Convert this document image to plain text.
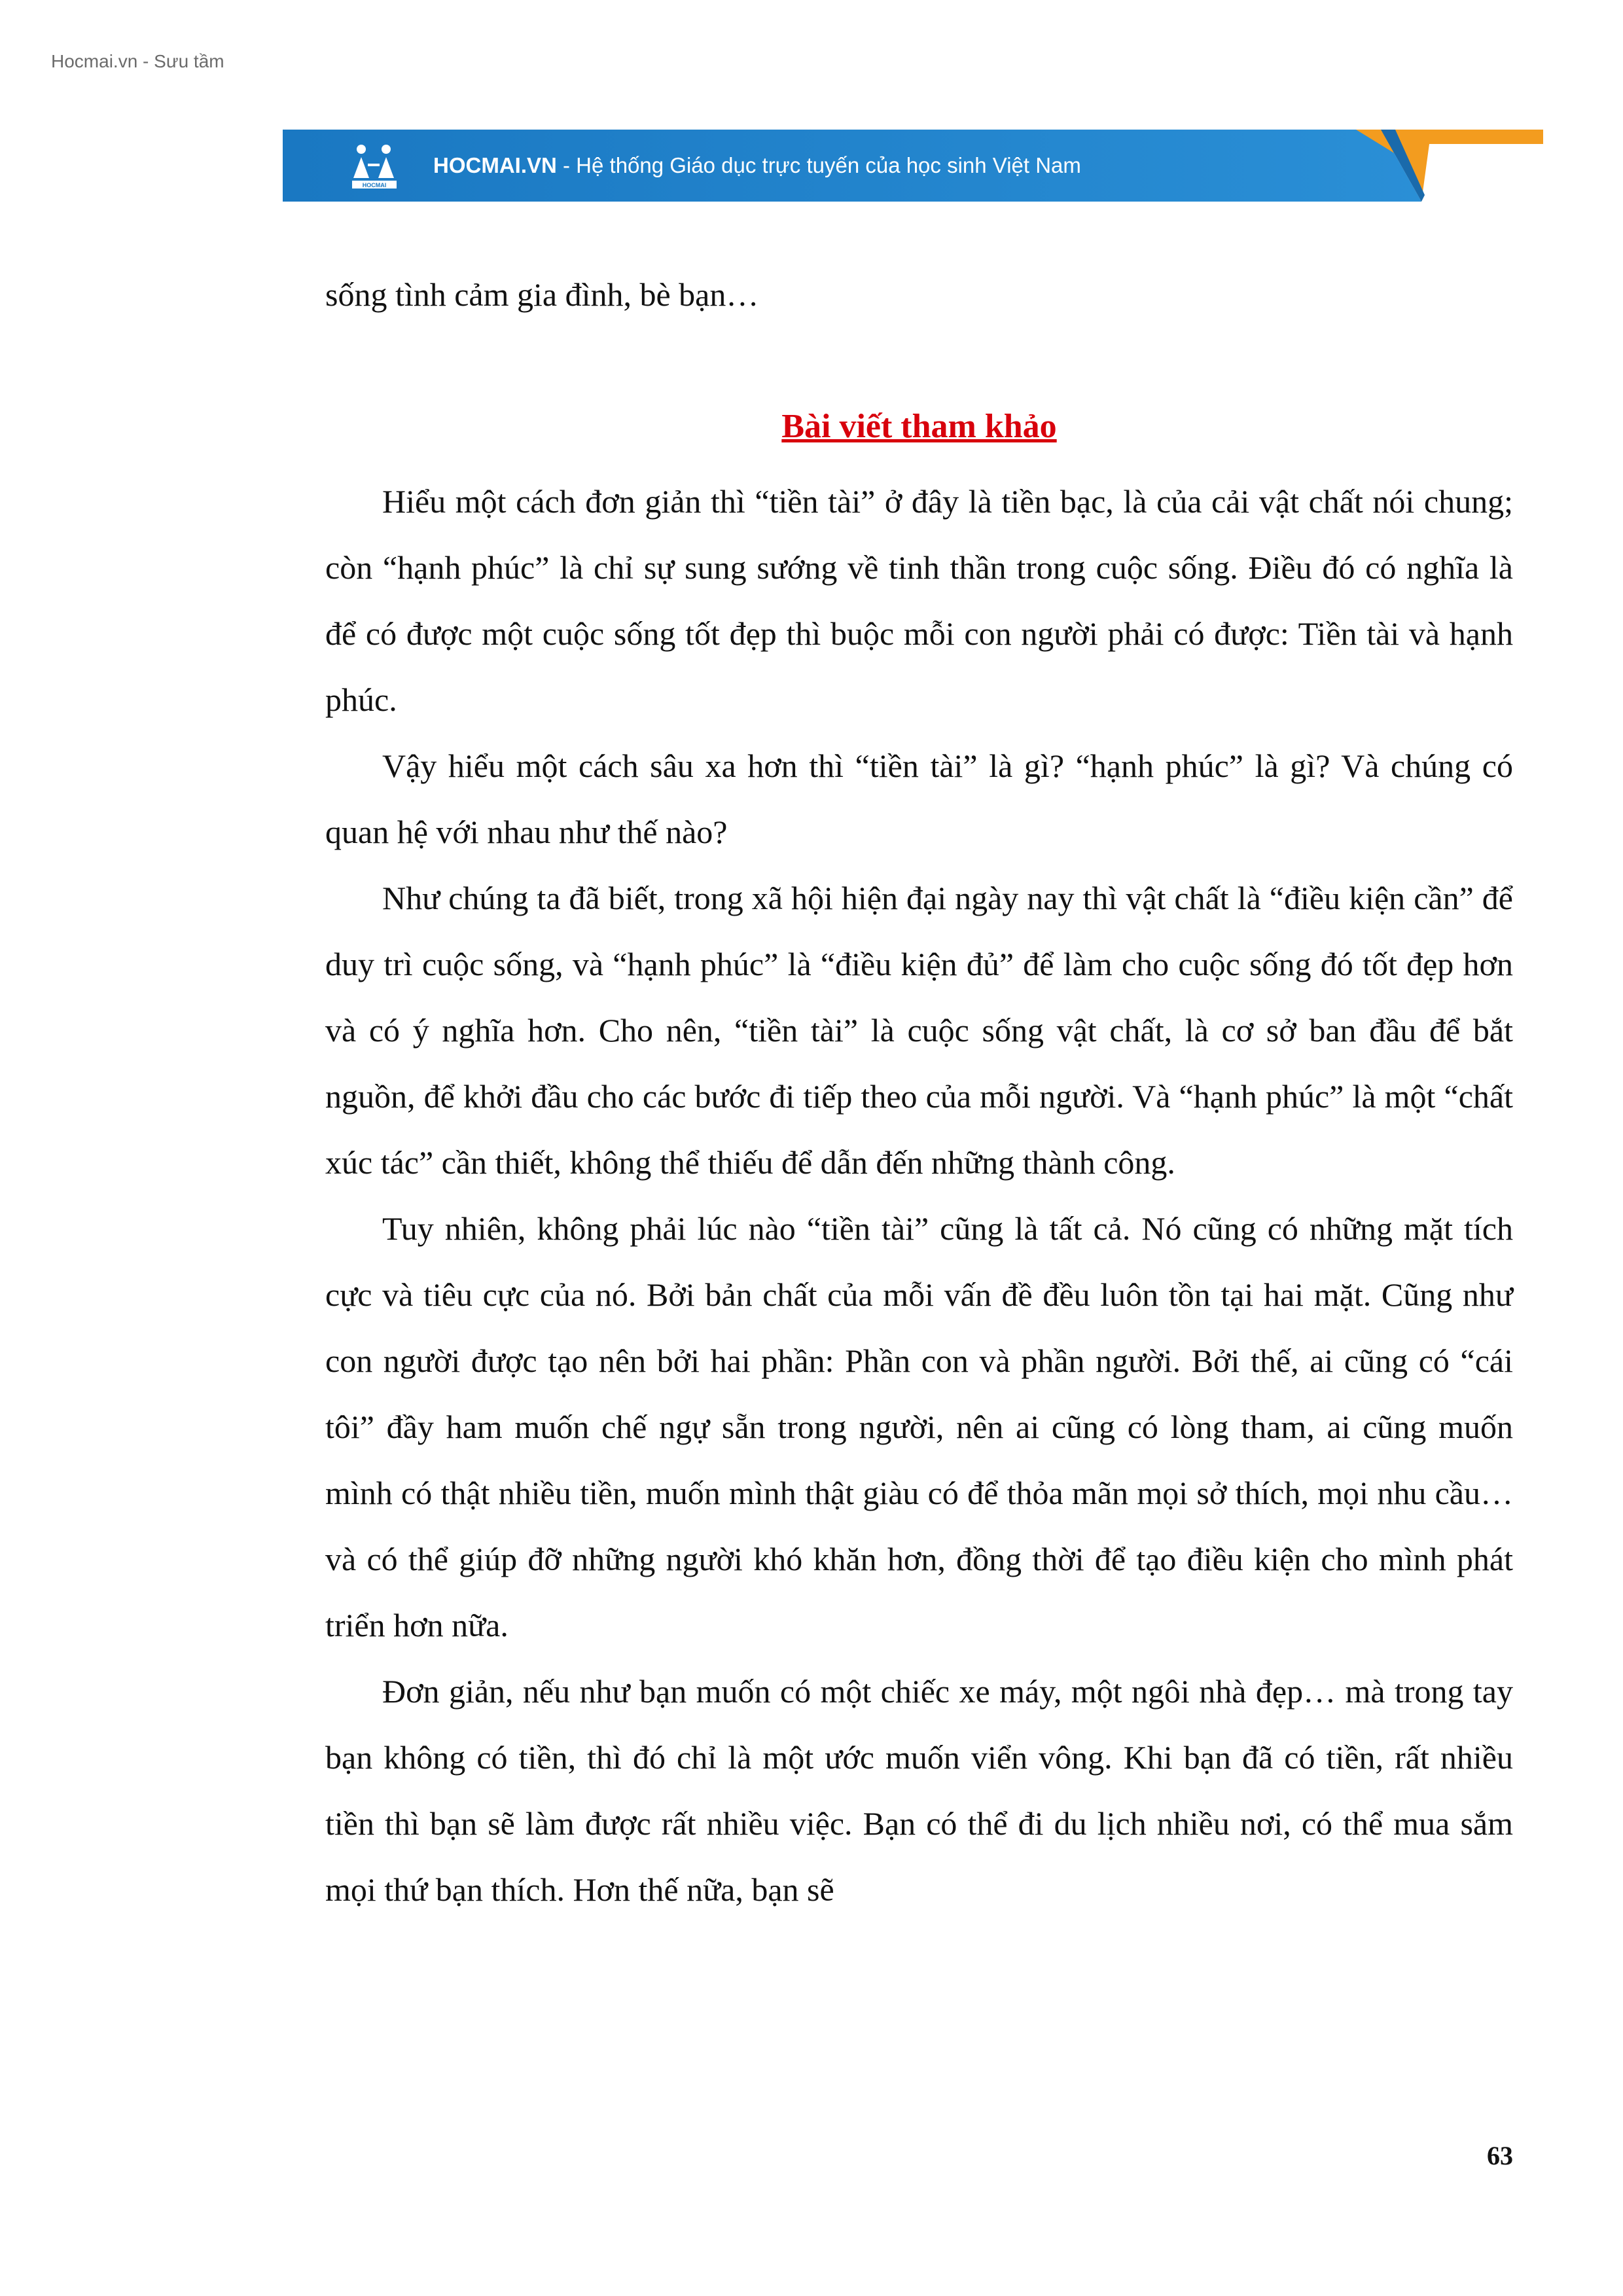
Hocmai.vn - Sưu tầm
HOCMAI
HOCMAI.VN - Hệ thống Giáo dục trực tuyến của học sinh Việt Nam

sống tình cảm gia đình, bè bạn…

Bài viết tham khảo

Hiểu một cách đơn giản thì “tiền tài” ở đây là tiền bạc, là của cải vật chất nói chung; còn “hạnh phúc” là chỉ sự sung sướng về tinh thần trong cuộc sống. Điều đó có nghĩa là để có được một cuộc sống tốt đẹp thì buộc mỗi con người phải có được: Tiền tài và hạnh phúc.

Vậy hiểu một cách sâu xa hơn thì “tiền tài” là gì? “hạnh phúc” là gì? Và chúng có quan hệ với nhau như thế nào?

Như chúng ta đã biết, trong xã hội hiện đại ngày nay thì vật chất là “điều kiện cần” để duy trì cuộc sống, và “hạnh phúc” là “điều kiện đủ” để làm cho cuộc sống đó tốt đẹp hơn và có ý nghĩa hơn. Cho nên, “tiền tài” là cuộc sống vật chất, là cơ sở ban đầu để bắt nguồn, để khởi đầu cho các bước đi tiếp theo của mỗi người. Và “hạnh phúc” là một “chất xúc tác” cần thiết, không thể thiếu để dẫn đến những thành công.

Tuy nhiên, không phải lúc nào “tiền tài” cũng là tất cả. Nó cũng có những mặt tích cực và tiêu cực của nó. Bởi bản chất của mỗi vấn đề đều luôn tồn tại hai mặt. Cũng như con người được tạo nên bởi hai phần: Phần con và phần người. Bởi thế, ai cũng có “cái tôi” đầy ham muốn chế ngự sẵn trong người, nên ai cũng có lòng tham, ai cũng muốn mình có thật nhiều tiền, muốn mình thật giàu có để thỏa mãn mọi sở thích, mọi nhu cầu… và có thể giúp đỡ những người khó khăn hơn, đồng thời để tạo điều kiện cho mình phát triển hơn nữa.

Đơn giản, nếu như bạn muốn có một chiếc xe máy, một ngôi nhà đẹp… mà trong tay bạn không có tiền, thì đó chỉ là một ước muốn viển vông. Khi bạn đã có tiền, rất nhiều tiền thì bạn sẽ làm được rất nhiều việc. Bạn có thể đi du lịch nhiều nơi, có thể mua sắm mọi thứ bạn thích. Hơn thế nữa, bạn sẽ

63
